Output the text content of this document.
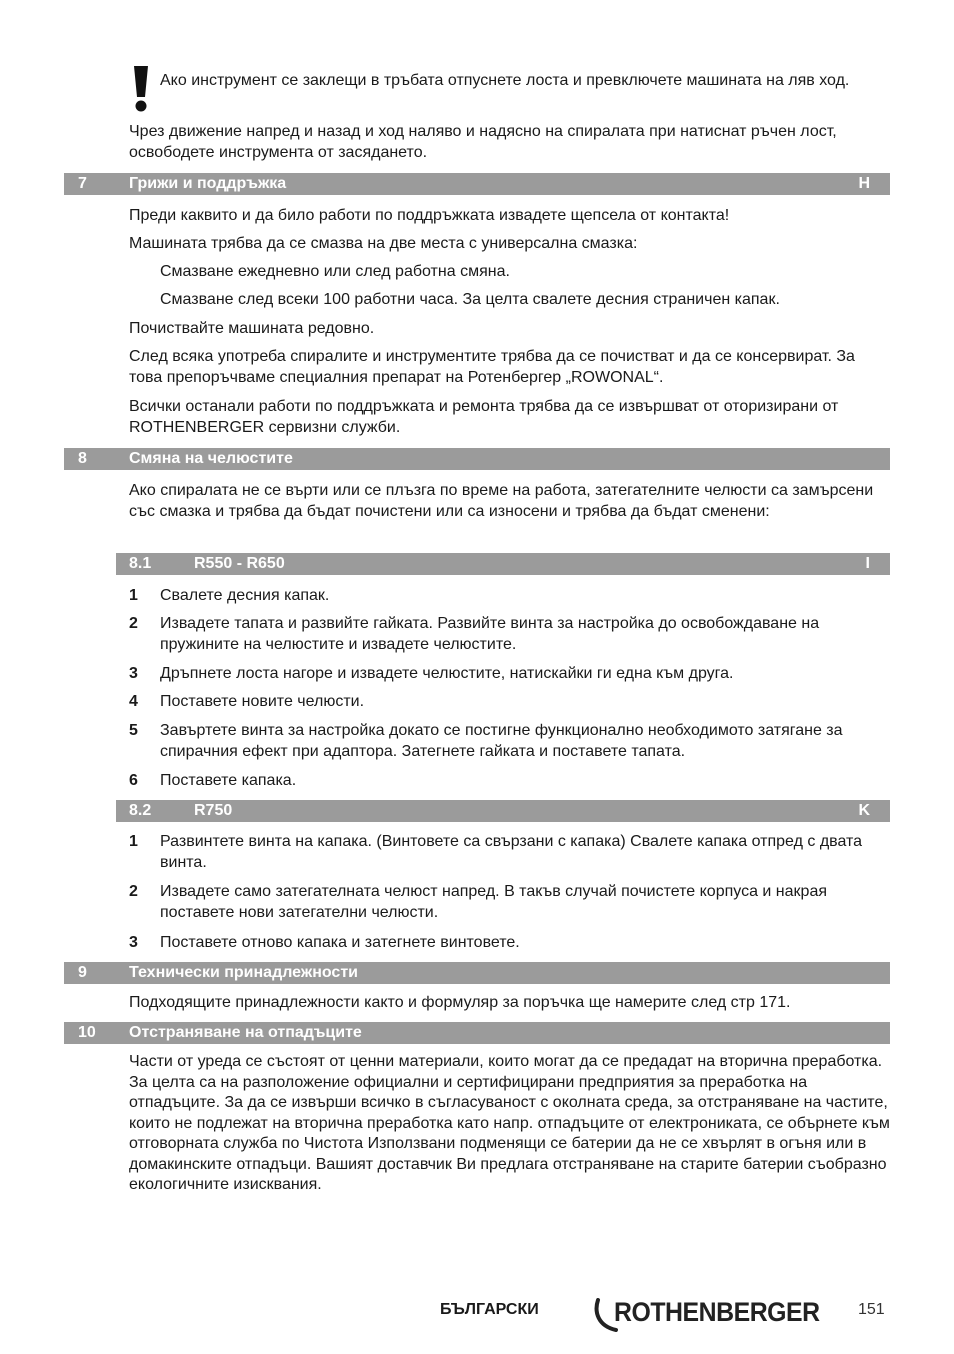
Ако инструмент се заклещи в тръбата отпуснете лоста и превключете машината на ляв ход.
Чрез движение напред и назад и ход наляво и надясно на спиралата при натиснат ръчен лост, освободете инструмента от засядането.
7	Грижи и поддръжка	H
Преди каквито и да било работи по поддръжката извадете щепсела от контакта!
Машината трябва да се смазва на две места с универсална смазка:
Смазване ежедневно или след работна смяна.
Смазване след всеки 100 работни часа. За целта свалете десния страничен капак.
Почиствайте машината редовно.
След всяка употреба спиралите и инструментите трябва да се почистват и да се консервират. За това препоръчваме специалния препарат на Ротенбергер „ROWONAL“.
Всички останали работи по поддръжката и ремонта трябва да се извършват от оторизирани от ROTHENBERGER сервизни служби.
8	Смяна на челюстите
Ако спиралата не се върти или се плъзга по време на работа, затегателните челюсти са замърсени със смазка и трябва да бъдат почистени или са износени и трябва да бъдат сменени:
8.1	R550 - R650	I
1 Свалете десния капак.
2 Извадете тапата и развийте гайката. Развийте винта за настройка до освобождаване на пружините на челюстите и извадете челюстите.
3 Дръпнете лоста нагоре и извадете челюстите, натискайки ги една към друга.
4 Поставете новите челюсти.
5 Завъртете винта за настройка докато се постигне функционално необходимото затягане за спирачния ефект при адаптора. Затегнете гайката и поставете тапата.
6 Поставете капака.
8.2	R750	K
1 Развинтете винта на капака. (Винтовете са свързани с капака) Свалете капака отпред с двата винта.
2 Извадете само затегателната челюст напред. В такъв случай почистете корпуса и накрая поставете нови затегателни челюсти.
3 Поставете отново капака и затегнете винтовете.
9	Технически принадлежности
Подходящите принадлежности както и формуляр за поръчка ще намерите след стр 171.
10 Отстраняване на отпадъците
Части от уреда се състоят от ценни материали, които могат да се предадат на вторична преработка. За целта са на разположение официални и сертифицирани предприятия за преработка на отпадъците. За да се извърши всичко в съгласуваност с околната среда, за отстраняване на частите, които не подлежат на вторична преработка като напр. отпадъците от електрониката, се обърнете към отговорната служба по Чистота Използвани подменящи се батерии да не се хвърлят в огъня или в домакинските отпадъци. Вашият доставчик Ви предлага отстраняване на старите батерии съобразно екологичните изисквания.
БЪЛГАРСКИ	ROTHENBERGER 151
